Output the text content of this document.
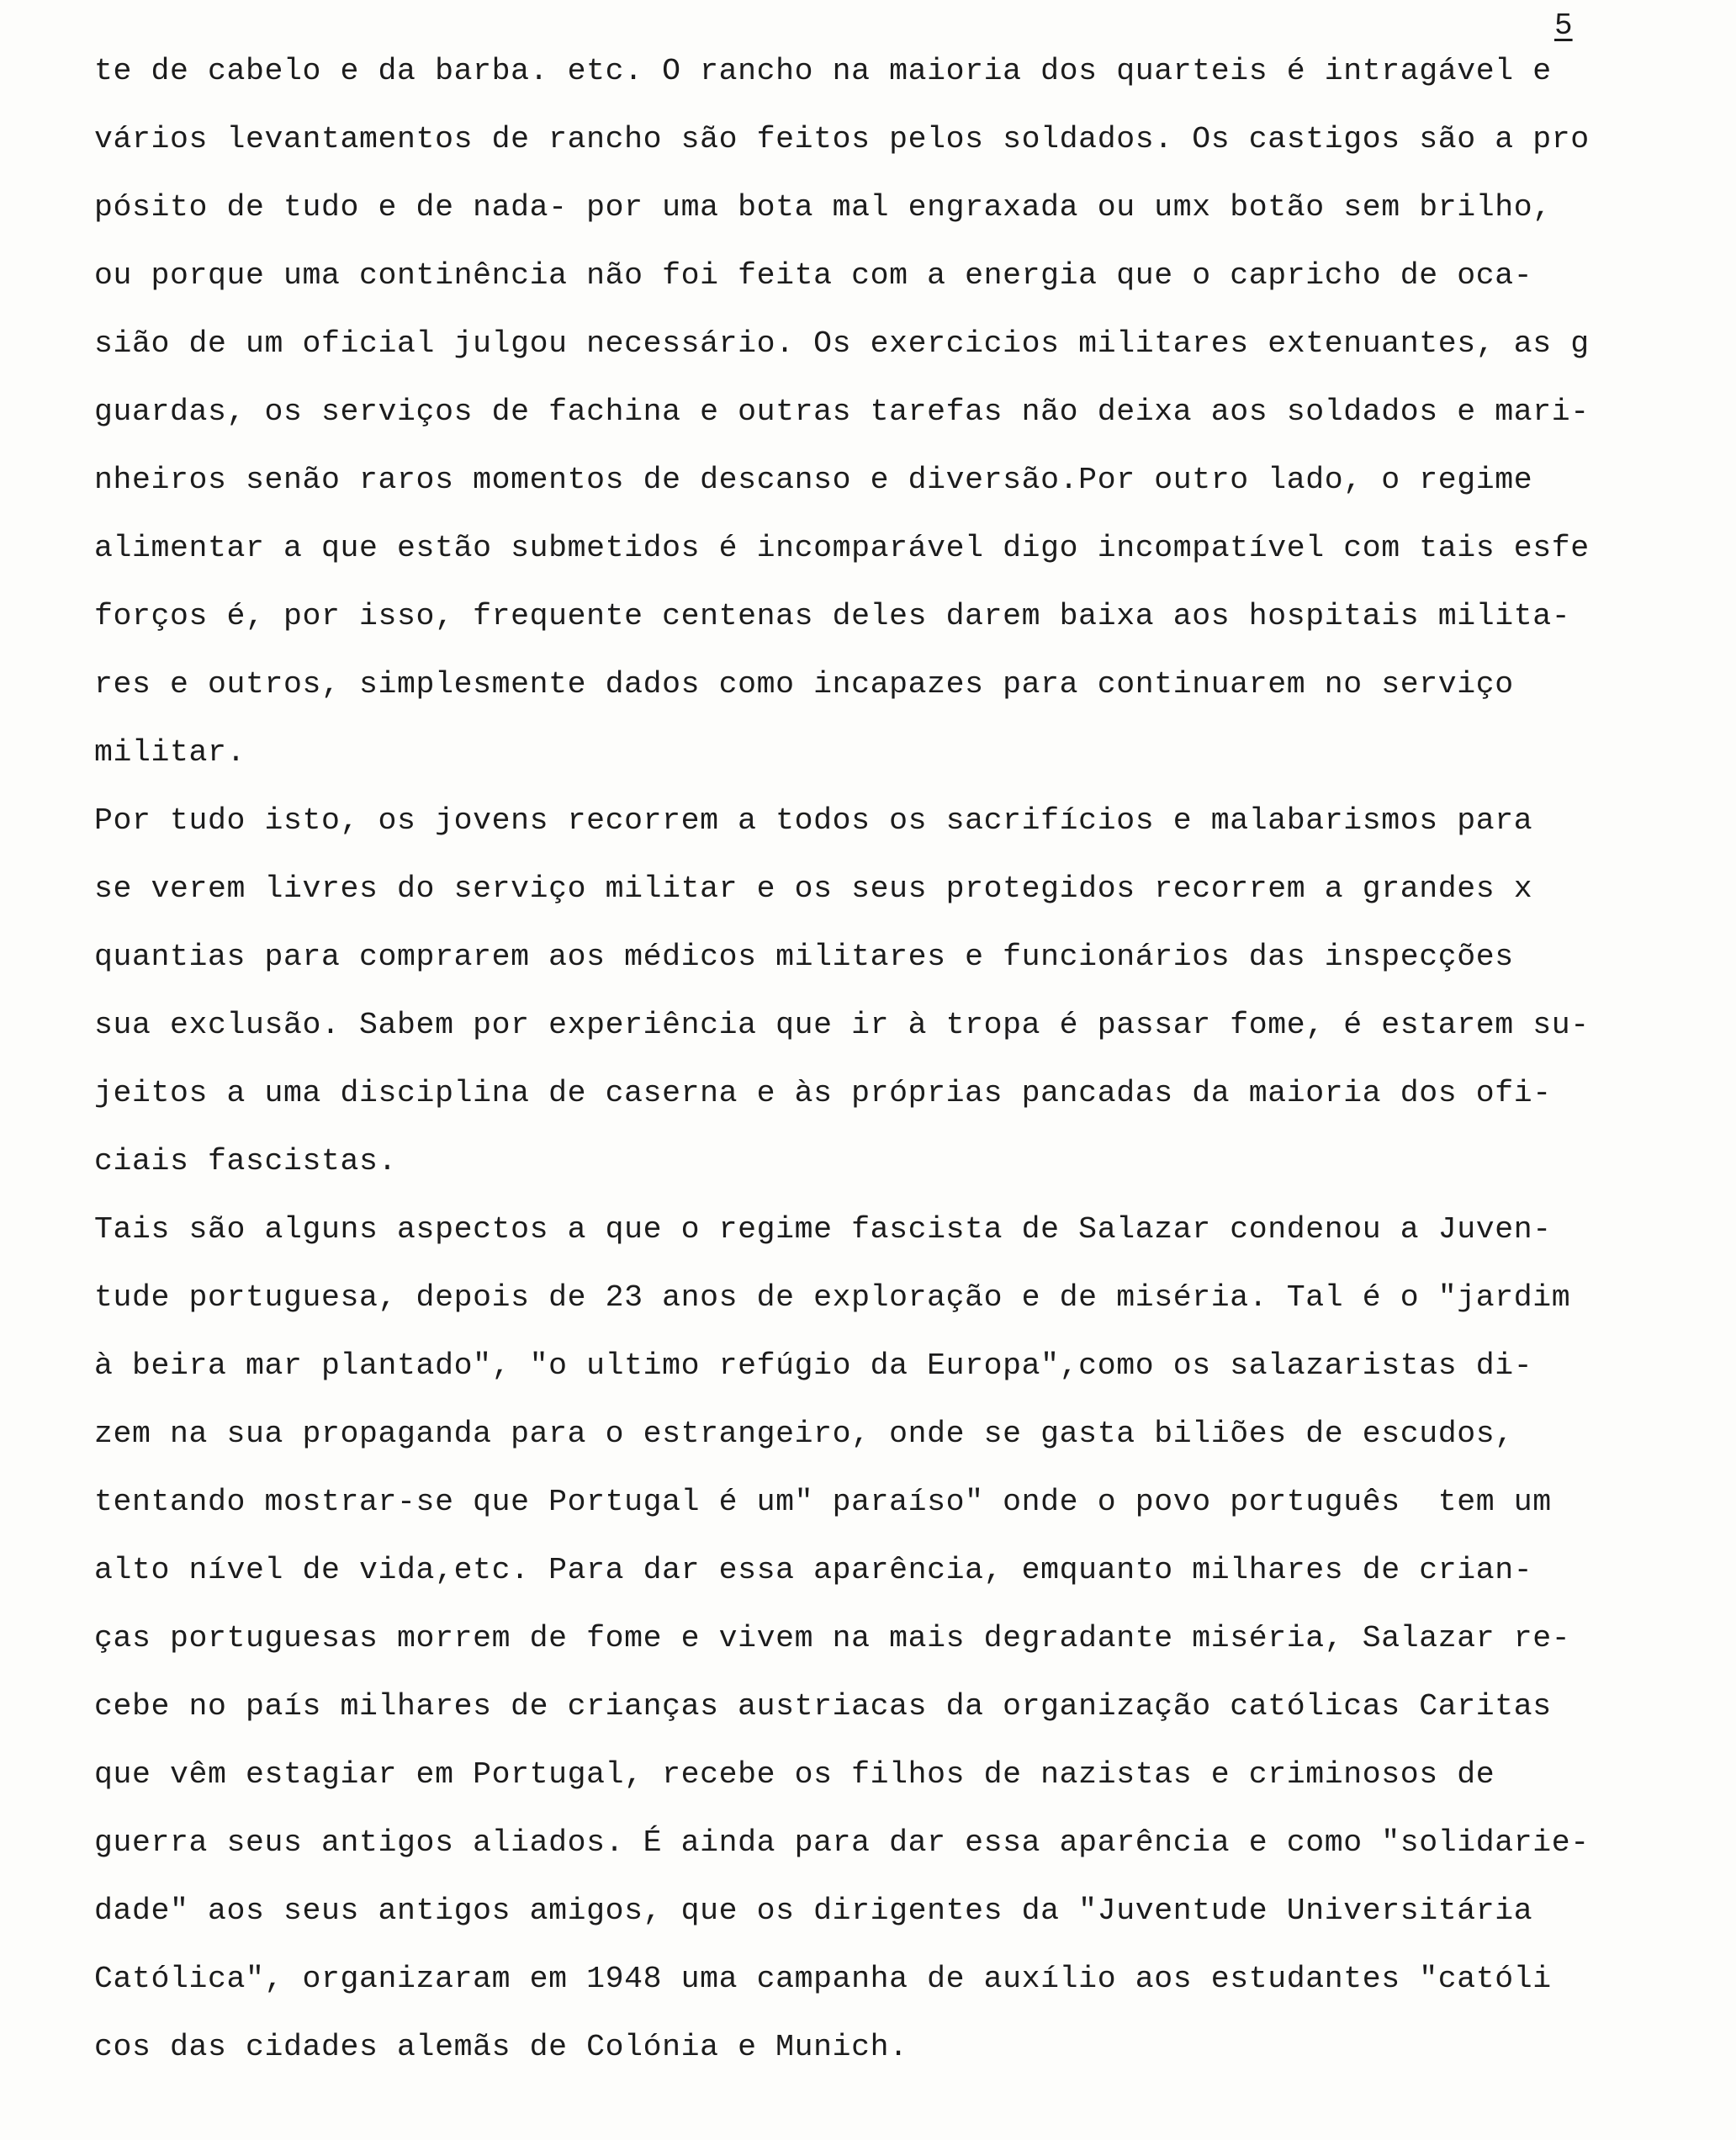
5
te de cabelo e da barba. etc. O rancho na maioria dos quarteis é intragável e
vários levantamentos de rancho são feitos pelos soldados. Os castigos são a pro
pósito de tudo e de nada- por uma bota mal engraxada ou umx botão sem brilho,
ou porque uma continência não foi feita com a energia que o capricho de oca-
sião de um oficial julgou necessário. Os exercicios militares extenuantes, as g
guardas, os serviços de fachina e outras tarefas não deixa aos soldados e mari-
nheiros senão raros momentos de descanso e diversão.Por outro lado, o regime
alimentar a que estão submetidos é incomparável digo incompatível com tais esfe
forços é, por isso, frequente centenas deles darem baixa aos hospitais milita-
res e outros, simplesmente dados como incapazes para continuarem no serviço
militar.
Por tudo isto, os jovens recorrem a todos os sacrifícios e malabarismos para
se verem livres do serviço militar e os seus protegidos recorrem a grandes x
quantias para comprarem aos médicos militares e funcionários das inspecções
sua exclusão. Sabem por experiência que ir à tropa é passar fome, é estarem su-
jeitos a uma disciplina de caserna e às próprias pancadas da maioria dos ofi-
ciais fascistas.
Tais são alguns aspectos a que o regime fascista de Salazar condenou a Juven-
tude portuguesa, depois de 23 anos de exploração e de miséria. Tal é o "jardim
à beira mar plantado", "o ultimo refúgio da Europa",como os salazaristas di-
zem na sua propaganda para o estrangeiro, onde se gasta biliões de escudos,
tentando mostrar-se que Portugal é um" paraíso" onde o povo português  tem um
alto nível de vida,etc. Para dar essa aparência, emquanto milhares de crian-
ças portuguesas morrem de fome e vivem na mais degradante miséria, Salazar re-
cebe no país milhares de crianças austriacas da organização católicas Caritas
que vêm estagiar em Portugal, recebe os filhos de nazistas e criminosos de
guerra seus antigos aliados. É ainda para dar essa aparência e como "solidarie-
dade" aos seus antigos amigos, que os dirigentes da "Juventude Universitária
Católica", organizaram em 1948 uma campanha de auxílio aos estudantes "católi
cos das cidades alemãs de Colónia e Munich.
